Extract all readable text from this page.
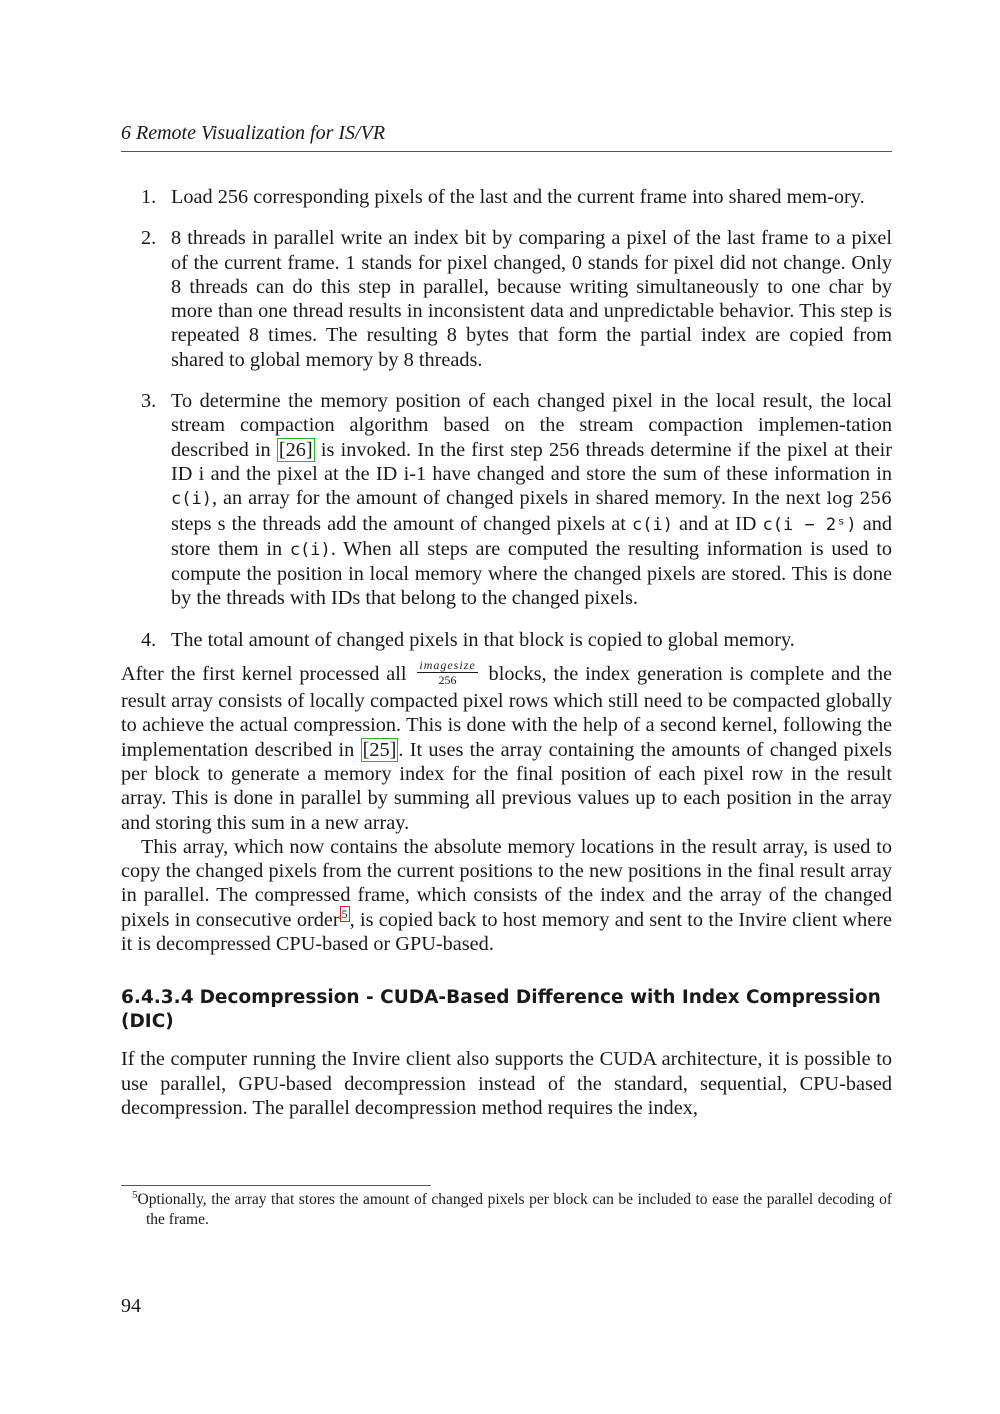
6 Remote Visualization for IS/VR
1. Load 256 corresponding pixels of the last and the current frame into shared mem-ory.
2. 8 threads in parallel write an index bit by comparing a pixel of the last frame to a pixel of the current frame. 1 stands for pixel changed, 0 stands for pixel did not change. Only 8 threads can do this step in parallel, because writing simultaneously to one char by more than one thread results in inconsistent data and unpredictable behavior. This step is repeated 8 times. The resulting 8 bytes that form the partial index are copied from shared to global memory by 8 threads.
3. To determine the memory position of each changed pixel in the local result, the local stream compaction algorithm based on the stream compaction implemen-tation described in [26] is invoked. In the first step 256 threads determine if the pixel at their ID i and the pixel at the ID i-1 have changed and store the sum of these information in c(i), an array for the amount of changed pixels in shared memory. In the next log 256 steps s the threads add the amount of changed pixels at c(i) and at ID c(i − 2ˢ) and store them in c(i). When all steps are computed the resulting information is used to compute the position in local memory where the changed pixels are stored. This is done by the threads with IDs that belong to the changed pixels.
4. The total amount of changed pixels in that block is copied to global memory.

After the first kernel processed all $\frac{\text{imagesize}}{256}$ blocks, the index generation is complete and the result array consists of locally compacted pixel rows which still need to be compacted globally to achieve the actual compression. This is done with the help of a second kernel, following the implementation described in [25]. It uses the array containing the amounts of changed pixels per block to generate a memory index for the final position of each pixel row in the result array. This is done in parallel by summing all previous values up to each position in the array and storing this sum in a new array.

This array, which now contains the absolute memory locations in the result array, is used to copy the changed pixels from the current positions to the new positions in the final result array in parallel. The compressed frame, which consists of the index and the array of the changed pixels in consecutive order $^5$, is copied back to host memory and sent to the Invire client where it is decompressed CPU-based or GPU-based.

6.4.3.4 Decompression - CUDA-Based Difference with Index Compression (DIC)

If the computer running the Invire client also supports the CUDA architecture, it is possible to use parallel, GPU-based decompression instead of the standard, sequential, CPU-based decompression. The parallel decompression method requires the index,

$^5$Optionally, the array that stores the amount of changed pixels per block can be included to ease the parallel decoding of the frame.
94
